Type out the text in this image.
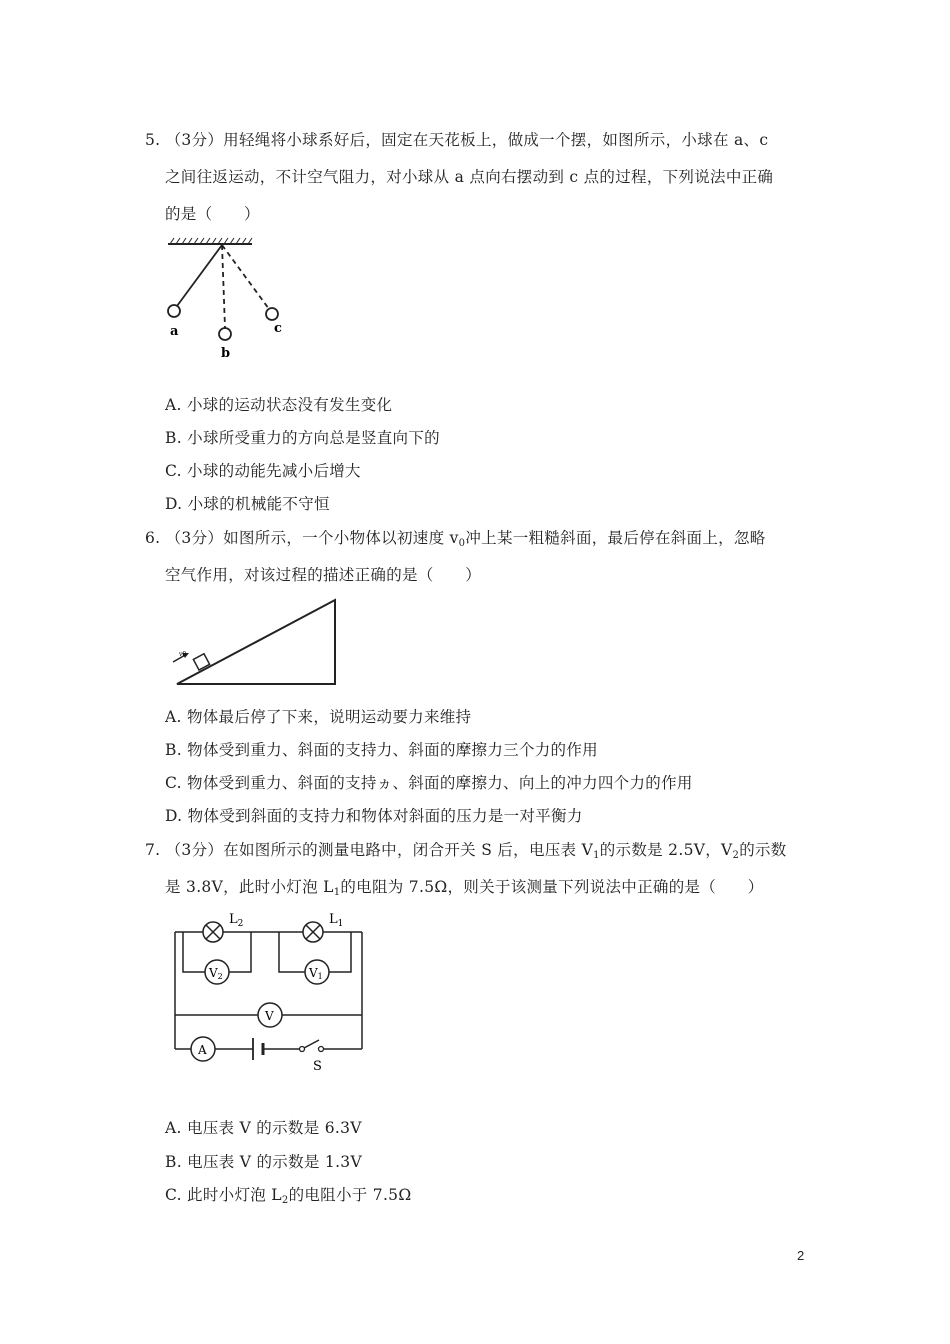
5. （3分）用轻绳将小球系好后，固定在天花板上，做成一个摆，如图所示，小球在 a、c
之间往返运动，不计空气阻力，对小球从 a 点向右摆动到 c 点的过程，下列说法中正确
的是（　　）
a
b
c
A. 小球的运动状态没有发生变化
B. 小球所受重力的方向总是竖直向下的
C. 小球的动能先减小后增大
D. 小球的机械能不守恒
6. （3分）如图所示，一个小物体以初速度 $v_0$冲上某一粗糙斜面，最后停在斜面上，忽略
空气作用，对该过程的描述正确的是（　　）
v0
A. 物体最后停了下来，说明运动要力来维持
B. 物体受到重力、斜面的支持力、斜面的摩擦力三个力的作用
C. 物体受到重力、斜面的支持ヵ、斜面的摩擦力、向上的冲力四个力的作用
D. 物体受到斜面的支持力和物体对斜面的压力是一对平衡力
7. （3分）在如图所示的测量电路中，闭合开关 S 后，电压表 $V_1$的示数是 2.5V，$V_2$的示数
是 3.8V，此时小灯泡 $L_1$的电阻为 7.5Ω，则关于该测量下列说法中正确的是（　　）
$L_2$	$L_1$
V2	V1
V
A
S
A. 电压表 V 的示数是 6.3V
B. 电压表 V 的示数是 1.3V
C. 此时小灯泡 $L_2$的电阻小于 7.5Ω
2
